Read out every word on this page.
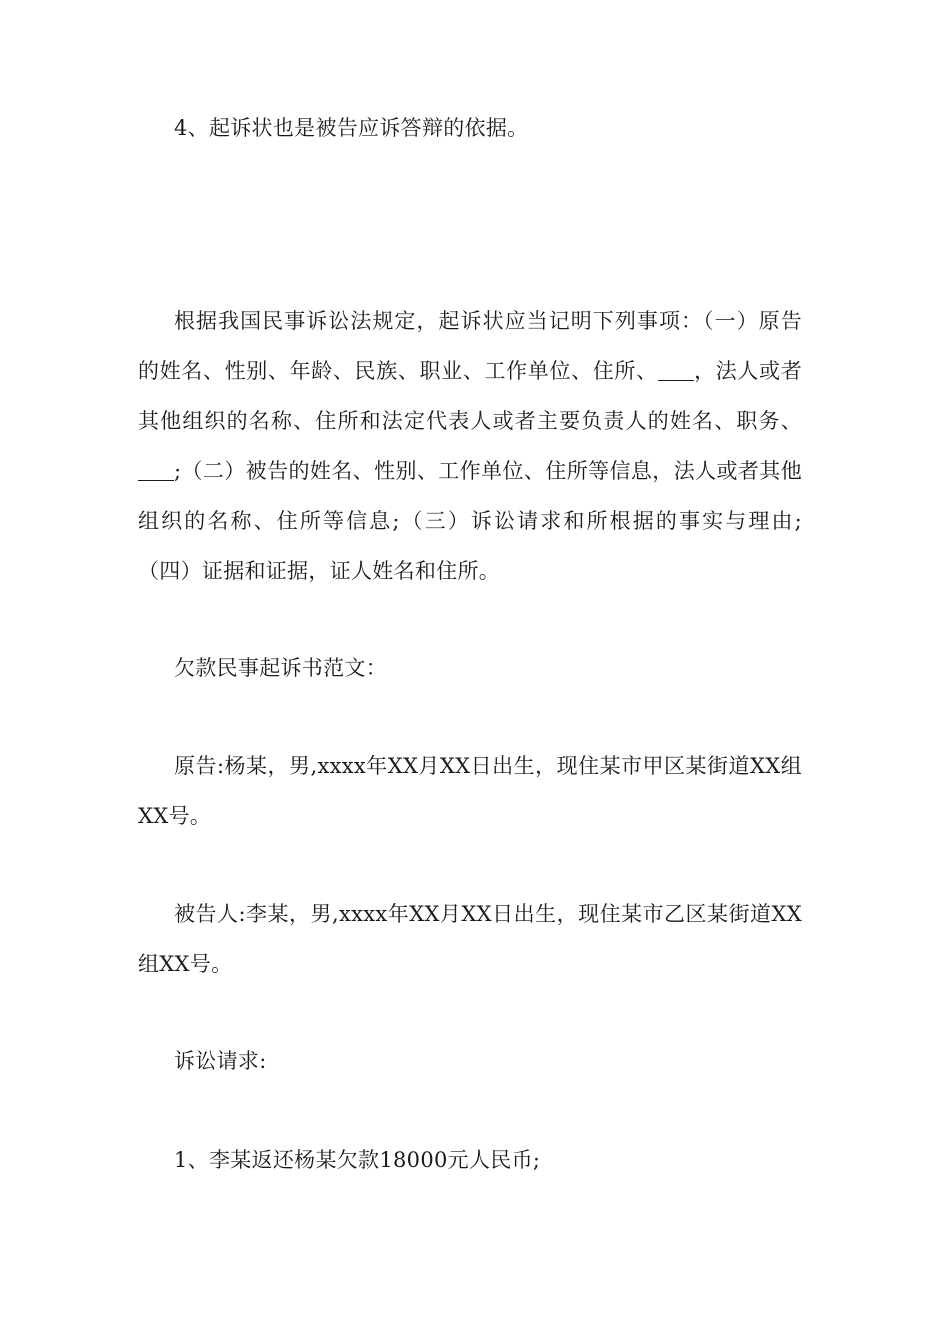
4、起诉状也是被告应诉答辩的依据。

根据我国民事诉讼法规定，起诉状应当记明下列事项：（一）原告的姓名、性别、年龄、民族、职业、工作单位、住所、 ，法人或者其他组织的名称、住所和法定代表人或者主要负责人的姓名、职务、;（二）被告的姓名、性别、工作单位、住所等信息，法人或者其他组织的名称、住所等信息;（三）诉讼请求和所根据的事实与理由;（四）证据和证据，证人姓名和住所。

欠款民事起诉书范文：

原告:杨某，男,xxxx年XX月XX日出生，现住某市甲区某街道XX组XX号。

被告人:李某，男,xxxx年XX月XX日出生，现住某市乙区某街道XX组XX号。

诉讼请求:

1、李某返还杨某欠款18000元人民币;
